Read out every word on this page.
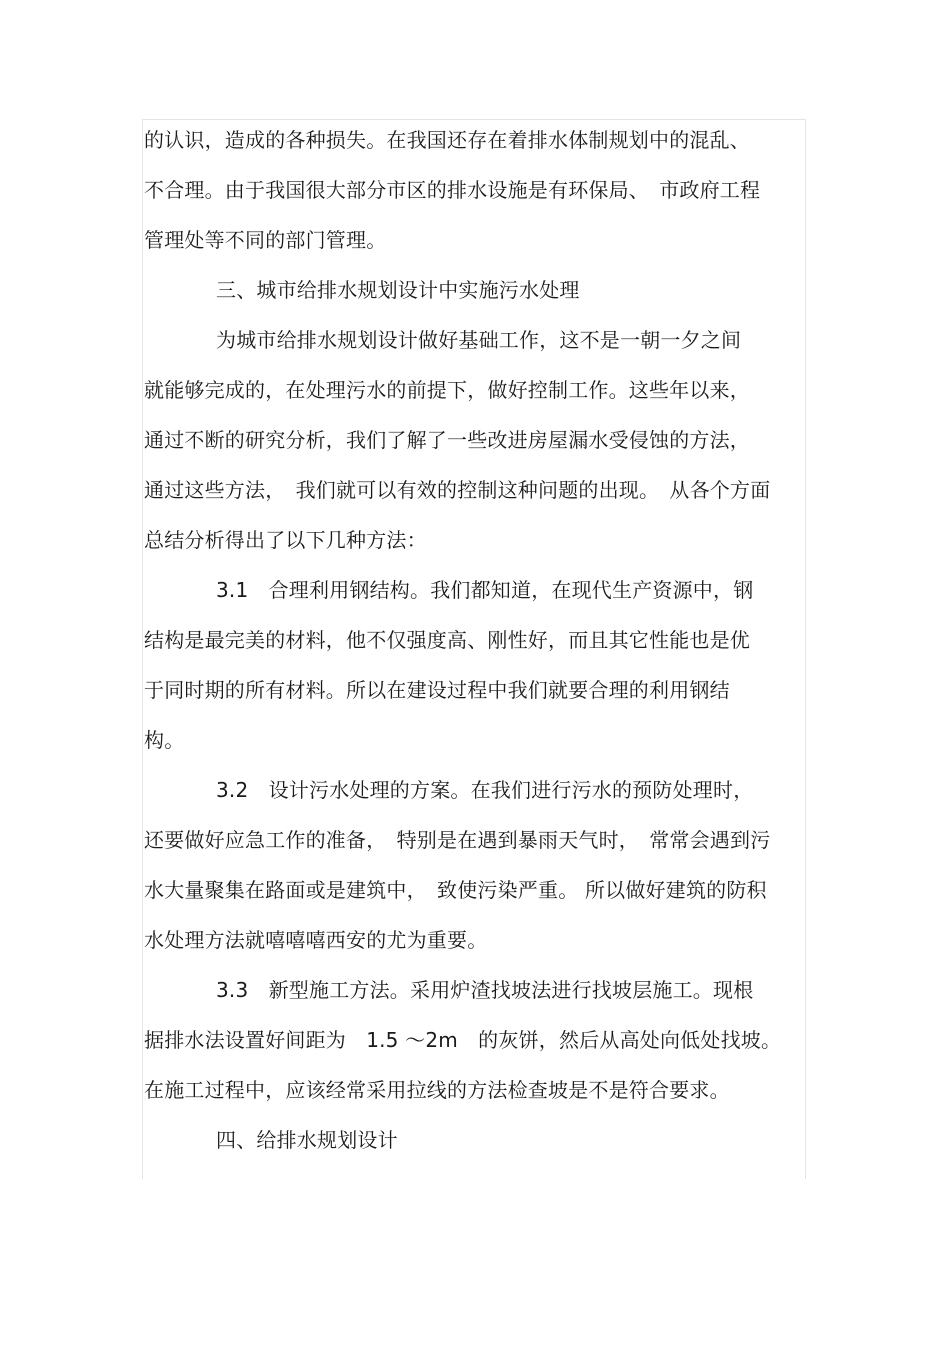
的认识，造成的各种损失。在我国还存在着排水体制规划中的混乱、
不合理。由于我国很大部分市区的排水设施是有环保局、　市政府工程
管理处等不同的部门管理。
三、城市给排水规划设计中实施污水处理
为城市给排水规划设计做好基础工作，这不是一朝一夕之间
就能够完成的，在处理污水的前提下，做好控制工作。这些年以来，
通过不断的研究分析，我们了解了一些改进房屋漏水受侵蚀的方法，
通过这些方法，　我们就可以有效的控制这种问题的出现。　从各个方面
总结分析得出了以下几种方法：
3.1　合理利用钢结构。我们都知道，在现代生产资源中，钢
结构是最完美的材料，他不仅强度高、刚性好，而且其它性能也是优
于同时期的所有材料。所以在建设过程中我们就要合理的利用钢结
构。
3.2　设计污水处理的方案。在我们进行污水的预防处理时，
还要做好应急工作的准备，　特别是在遇到暴雨天气时，　常常会遇到污
水大量聚集在路面或是建筑中，　致使污染严重。 所以做好建筑的防积
水处理方法就嘻嘻嘻西安的尤为重要。
3.3　新型施工方法。采用炉渣找坡法进行找坡层施工。现根
据排水法设置好间距为　1.5 ～2m　的灰饼，然后从高处向低处找坡。
在施工过程中，应该经常采用拉线的方法检查坡是不是符合要求。
四、给排水规划设计
